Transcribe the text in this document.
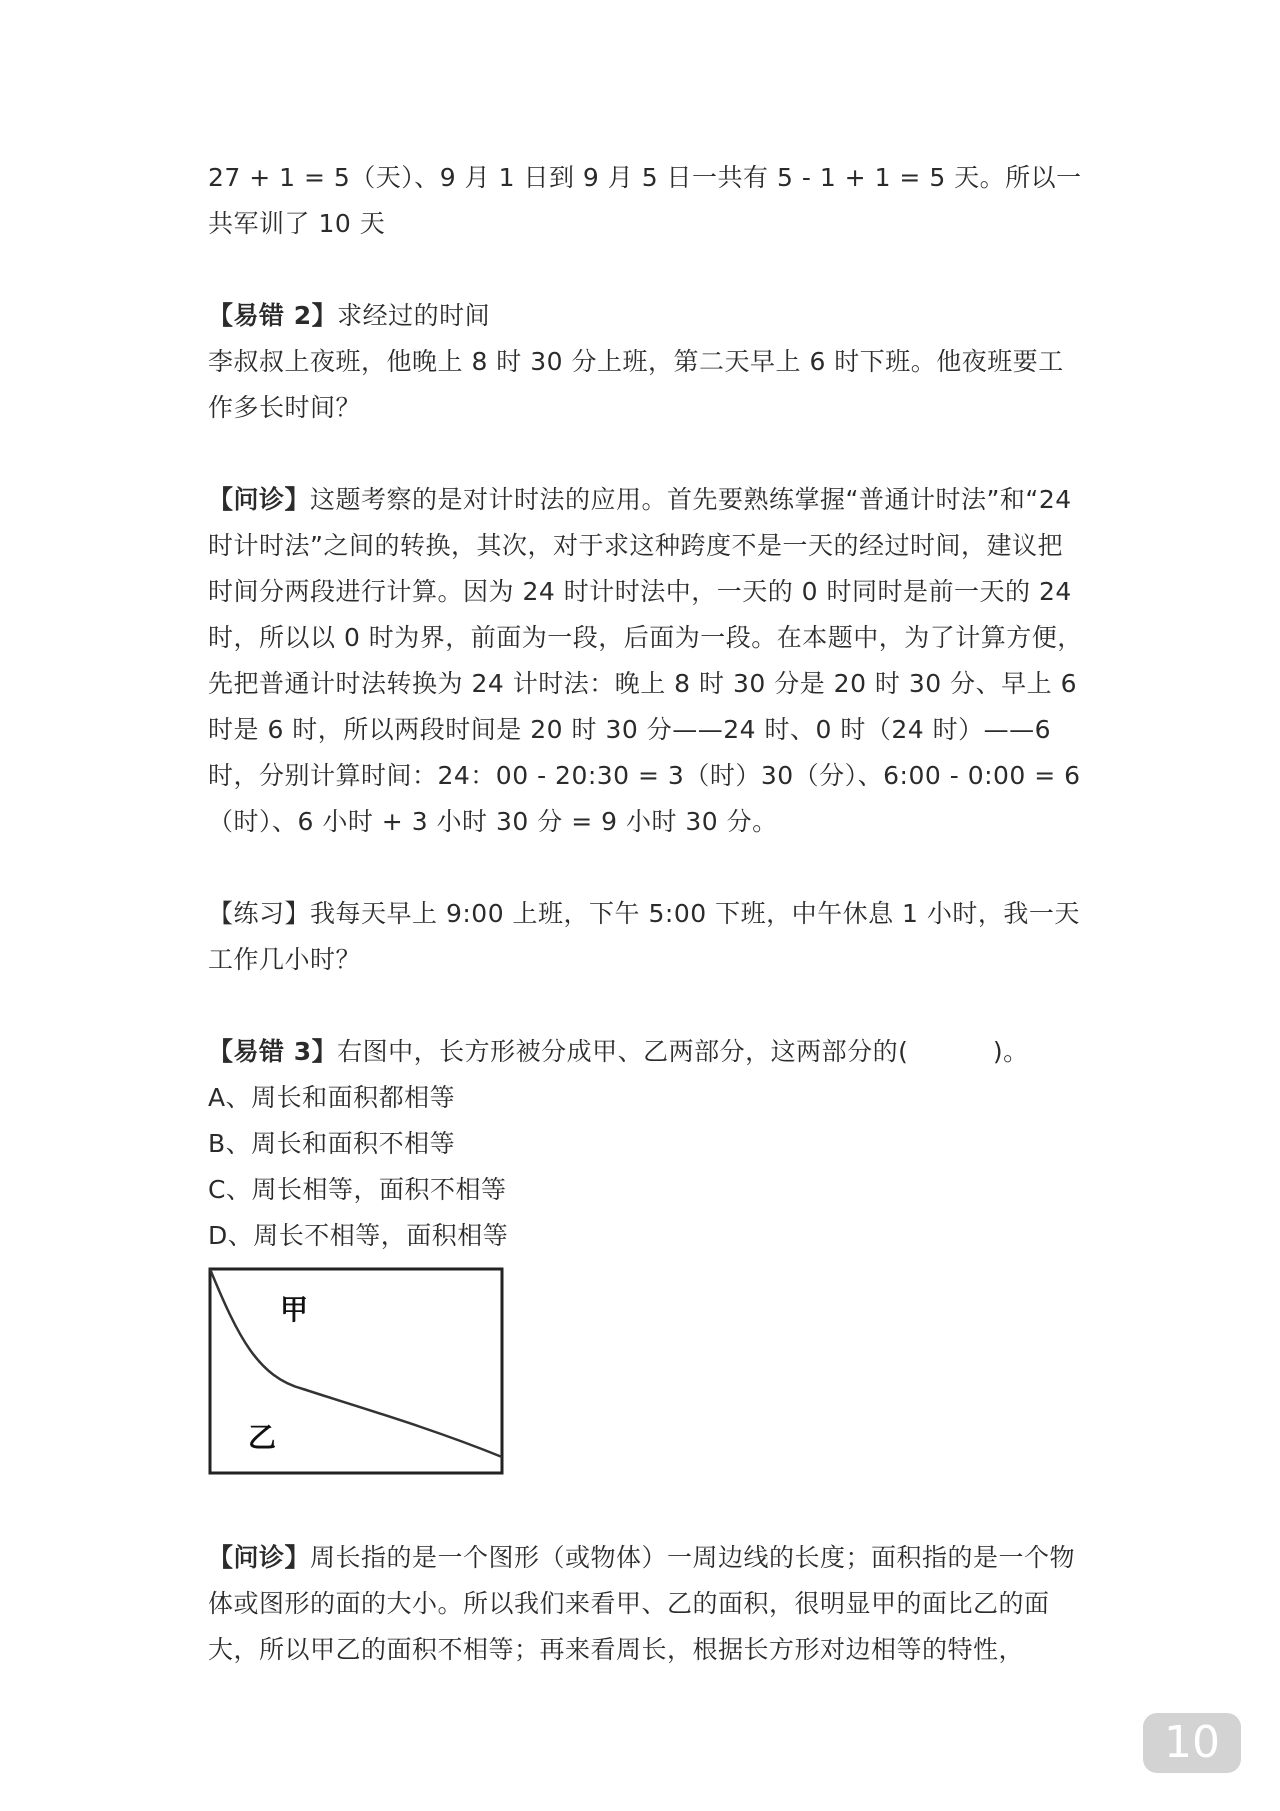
27 + 1 = 5（天）、9 月 1 日到 9 月 5 日一共有 5 - 1 + 1 = 5 天。所以一共军训了 10 天

【易错 2】求经过的时间

李叔叔上夜班，他晚上 8 时 30 分上班，第二天早上 6 时下班。他夜班要工作多长时间？

【问诊】这题考察的是对计时法的应用。首先要熟练掌握“普通计时法”和“24 时计时法”之间的转换，其次，对于求这种跨度不是一天的经过时间，建议把时间分两段进行计算。因为 24 时计时法中，一天的 0 时同时是前一天的 24 时，所以以 0 时为界，前面为一段，后面为一段。在本题中，为了计算方便，先把普通计时法转换为 24 计时法：晚上 8 时 30 分是 20 时 30 分、早上 6 时是 6 时，所以两段时间是 20 时 30 分——24 时、0 时（24 时）——6 时，分别计算时间：24：00 - 20:30 = 3（时）30（分）、6:00 - 0:00 = 6（时）、6 小时 + 3 小时 30 分 = 9 小时 30 分。

【练习】我每天早上 9:00 上班，下午 5:00 下班，中午休息 1 小时，我一天工作几小时？

【易错 3】右图中，长方形被分成甲、乙两部分，这两部分的(          )。

A、周长和面积都相等

B、周长和面积不相等

C、周长相等，面积不相等

D、周长不相等，面积相等

甲
乙

【问诊】周长指的是一个图形（或物体）一周边线的长度；面积指的是一个物体或图形的面的大小。所以我们来看甲、乙的面积，很明显甲的面比乙的面大，所以甲乙的面积不相等；再来看周长，根据长方形对边相等的特性，

10
